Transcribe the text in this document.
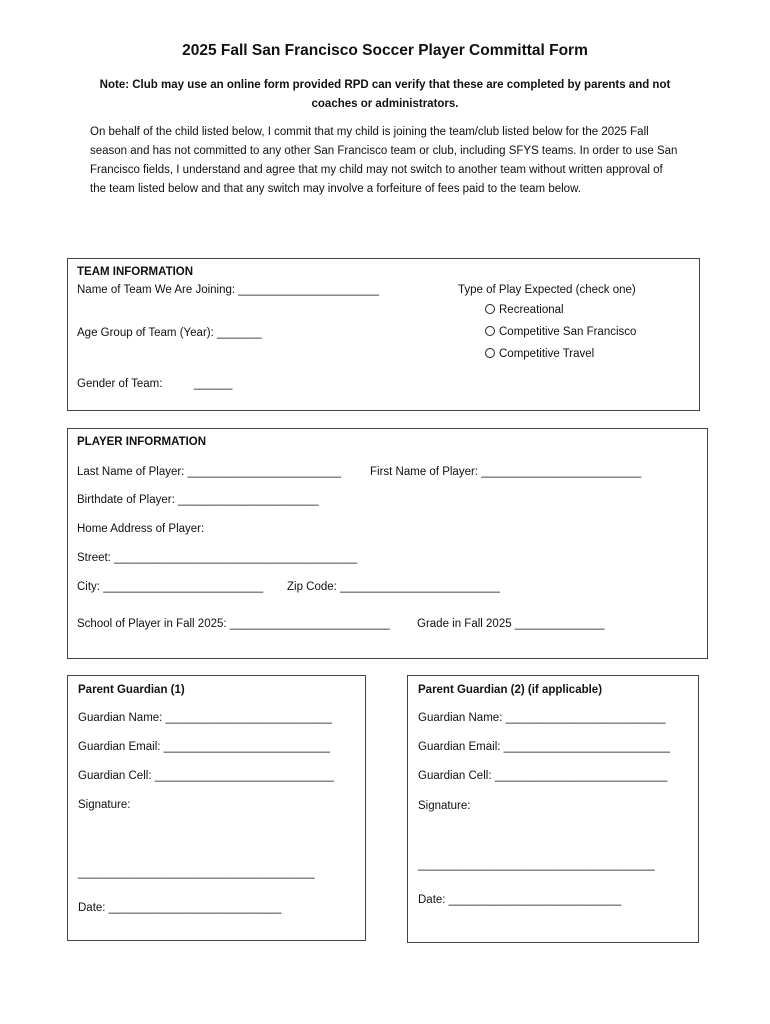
2025 Fall San Francisco Soccer Player Committal Form
Note: Club may use an online form provided RPD can verify that these are completed by parents and not coaches or administrators.
On behalf of the child listed below, I commit that my child is joining the team/club listed below for the 2025 Fall season and has not committed to any other San Francisco team or club, including SFYS teams. In order to use San Francisco fields, I understand and agree that my child may not switch to another team without written approval of the team listed below and that any switch may involve a forfeiture of fees paid to the team below.
TEAM INFORMATION
Name of Team We Are Joining: ______________________
Age Group of Team (Year): _______
Gender of Team:	______
Type of Play Expected (check one)
Recreational
Competitive San Francisco
Competitive Travel
PLAYER INFORMATION
Last Name of Player: ________________________	First Name of Player: _________________________
Birthdate of Player: ______________________
Home Address of Player:
Street: ______________________________________
City: _________________________ Zip Code: _________________________
School of Player in Fall 2025: _________________________ Grade in Fall 2025 ______________
Parent Guardian (1)
Guardian Name: __________________________
Guardian Email: __________________________
Guardian Cell: ____________________________
Signature:
_____________________________________
Date: ___________________________
Parent Guardian (2) (if applicable)
Guardian Name: _________________________
Guardian Email: __________________________
Guardian Cell: ___________________________
Signature:
_____________________________________
Date: ___________________________
